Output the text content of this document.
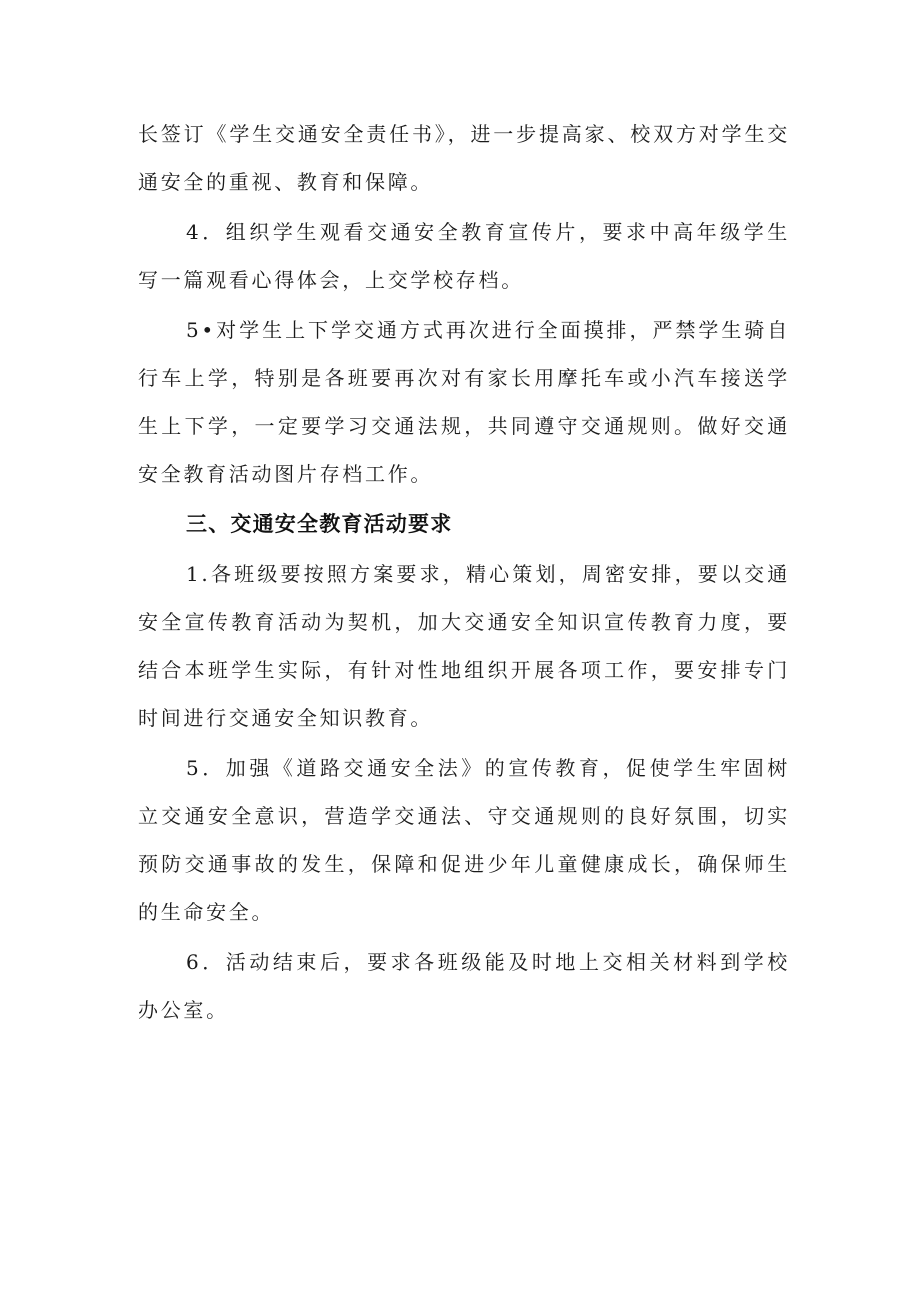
长签订《学生交通安全责任书》，进一步提高家、校双方对学生交通安全的重视、教育和保障。

4．组织学生观看交通安全教育宣传片，要求中高年级学生写一篇观看心得体会，上交学校存档。

5•对学生上下学交通方式再次进行全面摸排，严禁学生骑自行车上学，特别是各班要再次对有家长用摩托车或小汽车接送学生上下学，一定要学习交通法规，共同遵守交通规则。做好交通安全教育活动图片存档工作。

三、交通安全教育活动要求

1.各班级要按照方案要求，精心策划，周密安排，要以交通安全宣传教育活动为契机，加大交通安全知识宣传教育力度，要结合本班学生实际，有针对性地组织开展各项工作，要安排专门时间进行交通安全知识教育。

5．加强《道路交通安全法》的宣传教育，促使学生牢固树立交通安全意识，营造学交通法、守交通规则的良好氛围，切实预防交通事故的发生，保障和促进少年儿童健康成长，确保师生的生命安全。

6．活动结束后，要求各班级能及时地上交相关材料到学校办公室。
